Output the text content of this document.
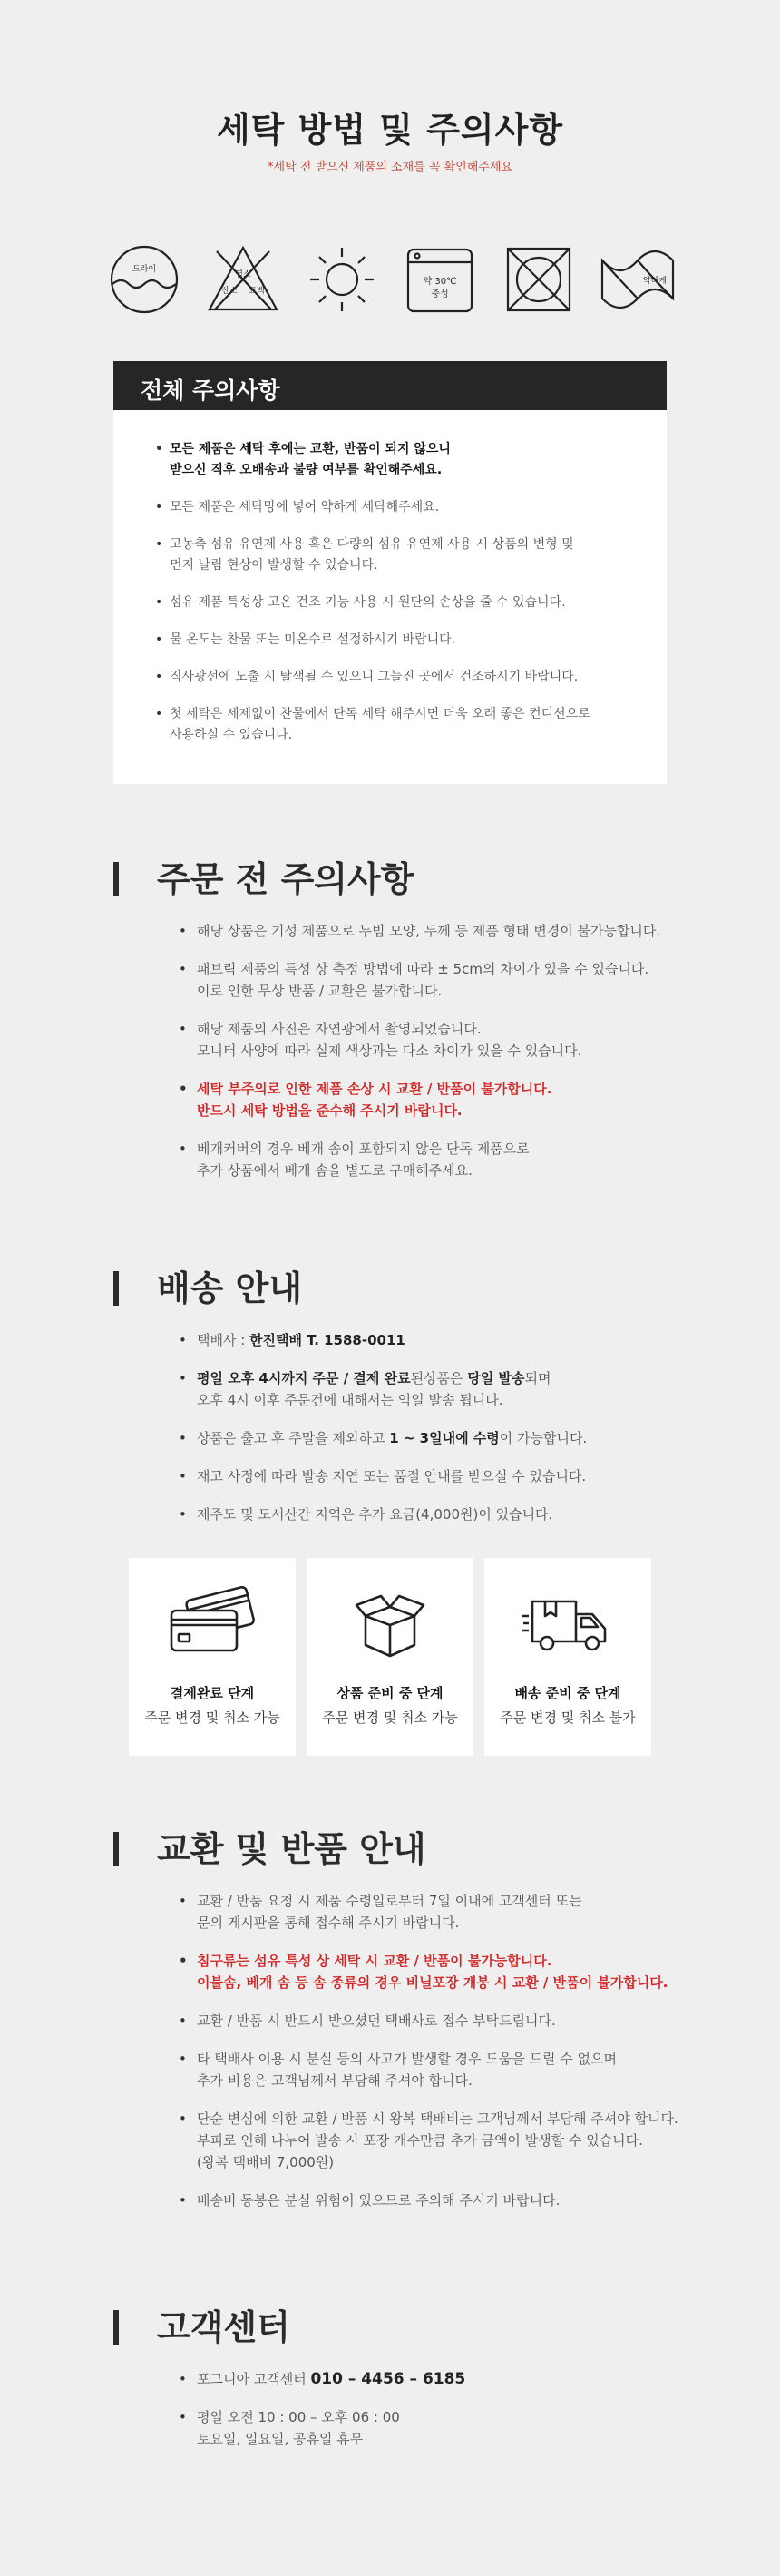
세탁 방법 및 주의사항

*세탁 전 받으신 제품의 소재를 꼭 확인해주세요

드라이
염소
산소 표백
약 30℃
중성
약하게
전체 주의사항
• 모든 제품은 세탁 후에는 교환, 반품이 되지 않으니
받으신 직후 오배송과 불량 여부를 확인해주세요.
• 모든 제품은 세탁망에 넣어 약하게 세탁해주세요.
• 고농축 섬유 유연제 사용 혹은 다량의 섬유 유연제 사용 시 상품의 변형 및
먼지 날림 현상이 발생할 수 있습니다.
• 섬유 제품 특성상 고온 건조 기능 사용 시 원단의 손상을 줄 수 있습니다.
• 물 온도는 찬물 또는 미온수로 설정하시기 바랍니다.
• 직사광선에 노출 시 탈색될 수 있으니 그늘진 곳에서 건조하시기 바랍니다.
• 첫 세탁은 세제없이 찬물에서 단독 세탁 해주시면 더욱 오래 좋은 컨디션으로
사용하실 수 있습니다.
주문 전 주의사항
• 해당 상품은 기성 제품으로 누빔 모양, 두께 등 제품 형태 변경이 불가능합니다.
• 패브릭 제품의 특성 상 측정 방법에 따라 ± 5cm의 차이가 있을 수 있습니다.
이로 인한 무상 반품 / 교환은 불가합니다.
• 해당 제품의 사진은 자연광에서 촬영되었습니다.
모니터 사양에 따라 실제 색상과는 다소 차이가 있을 수 있습니다.
• 세탁 부주의로 인한 제품 손상 시 교환 / 반품이 불가합니다.
반드시 세탁 방법을 준수해 주시기 바랍니다.
• 베개커버의 경우 베개 솜이 포함되지 않은 단독 제품으로
추가 상품에서 베개 솜을 별도로 구매해주세요.
배송 안내
• 택배사 : 한진택배 T. 1588-0011
• 평일 오후 4시까지 주문 / 결제 완료된상품은 당일 발송되며
오후 4시 이후 주문건에 대해서는 익일 발송 됩니다.
• 상품은 출고 후 주말을 제외하고 1 ~ 3일내에 수령이 가능합니다.
• 재고 사정에 따라 발송 지연 또는 품절 안내를 받으실 수 있습니다.
• 제주도 및 도서산간 지역은 추가 요금(4,000원)이 있습니다.
결제완료 단계
주문 변경 및 취소 가능
상품 준비 중 단계
주문 변경 및 취소 가능
배송 준비 중 단계
주문 변경 및 취소 불가
교환 및 반품 안내
• 교환 / 반품 요청 시 제품 수령일로부터 7일 이내에 고객센터 또는
문의 게시판을 통해 접수해 주시기 바랍니다.
• 침구류는 섬유 특성 상 세탁 시 교환 / 반품이 불가능합니다.
이불솜, 베개 솜 등 솜 종류의 경우 비닐포장 개봉 시 교환 / 반품이 불가합니다.
• 교환 / 반품 시 반드시 받으셨던 택배사로 접수 부탁드립니다.
• 타 택배사 이용 시 분실 등의 사고가 발생할 경우 도움을 드릴 수 없으며
추가 비용은 고객님께서 부담해 주셔야 합니다.
• 단순 변심에 의한 교환 / 반품 시 왕복 택배비는 고객님께서 부담해 주셔야 합니다.
부피로 인해 나누어 발송 시 포장 개수만큼 추가 금액이 발생할 수 있습니다.
(왕복 택배비 7,000원)
• 배송비 동봉은 분실 위험이 있으므로 주의해 주시기 바랍니다.
고객센터
• 포그니아 고객센터 010 – 4456 – 6185
• 평일 오전 10 : 00 – 오후 06 : 00
토요일, 일요일, 공휴일 휴무
